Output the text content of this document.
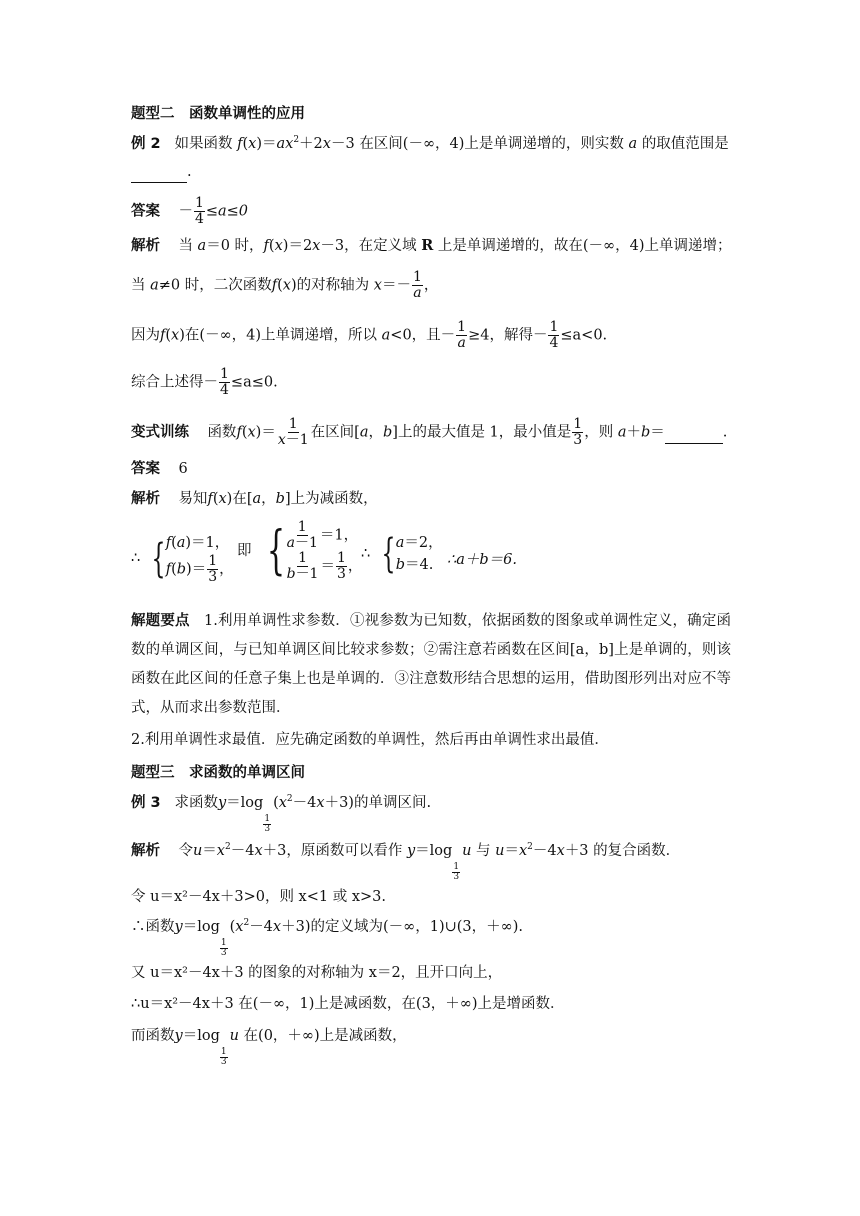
题型二　函数单调性的应用
例 2 如果函数 $f(x)=ax^2+2x-3$ 在区间(－∞，4)上是单调递增的，则实数 a 的取值范围是
.
答案 － $\frac{1}{4} \le a\le 0$
解析 当 a＝0 时，f(x)＝2x－3，在定义域 R 上是单调递增的，故在(－∞，4)上单调递增；
当 a≠0 时，二次函数f(x)的对称轴为 $x=- \frac{1}{a}$ ，
因为f(x)在(－∞，4)上单调递增，所以 a<0，且－ $\frac{1}{a} \ge 4$，解得－ $\frac{1}{4} \le a<0$.
综合上述得－ $\frac{1}{4} \le a\le 0$.
变式训练 函数$f(x)= \frac{1}{x-1}$ 在区间[a，b]上的最大值是 1，最小值是 $\frac{1}{3}$ ，则 a＋b＝	.
答案 6
解析 易知f(x)在[a，b]上为减函数，
∴ { f(a)＝1，
$f(b)= \frac{1}{3}$ ，
即 { $\frac{1}{a-1} =1$，
$\frac{1}{b-1} = \frac{1}{3}$ ，
∴ { a＝2，
b＝4. ∴a＋b＝6.
解题要点 1.利用单调性求参数．①视参数为已知数，依据函数的图象或单调性定义，确定函数的单调区间，与已知单调区间比较求参数；②需注意若函数在区间[a，b]上是单调的，则该函数在此区间的任意子集上也是单调的．③注意数形结合思想的运用，借助图形列出对应不等式，从而求出参数范围．
2.利用单调性求最值．应先确定函数的单调性，然后再由单调性求出最值．
题型三　求函数的单调区间
例 3 求函数y＝log
$\frac{1}{3}$
$(x^2-4x+3)$的单调区间.
解析 令$u=x^2-4x+3$，原函数可以看作 y＝log
$\frac{1}{3}$
u 与 $u=x^2-4x+3$ 的复合函数．
令 u＝x²－4x＋3>0，则 x<1 或 x>3.
∴函数y＝log
$\frac{1}{3}$
$(x^2-4x+3)$的定义域为(－∞，1)∪(3，＋∞).
又 u＝x²－4x＋3 的图象的对称轴为 x＝2，且开口向上，
∴u＝x²－4x＋3 在(－∞，1)上是减函数，在(3，＋∞)上是增函数．
而函数y＝log
$\frac{1}{3}$
u 在(0，＋∞)上是减函数，
